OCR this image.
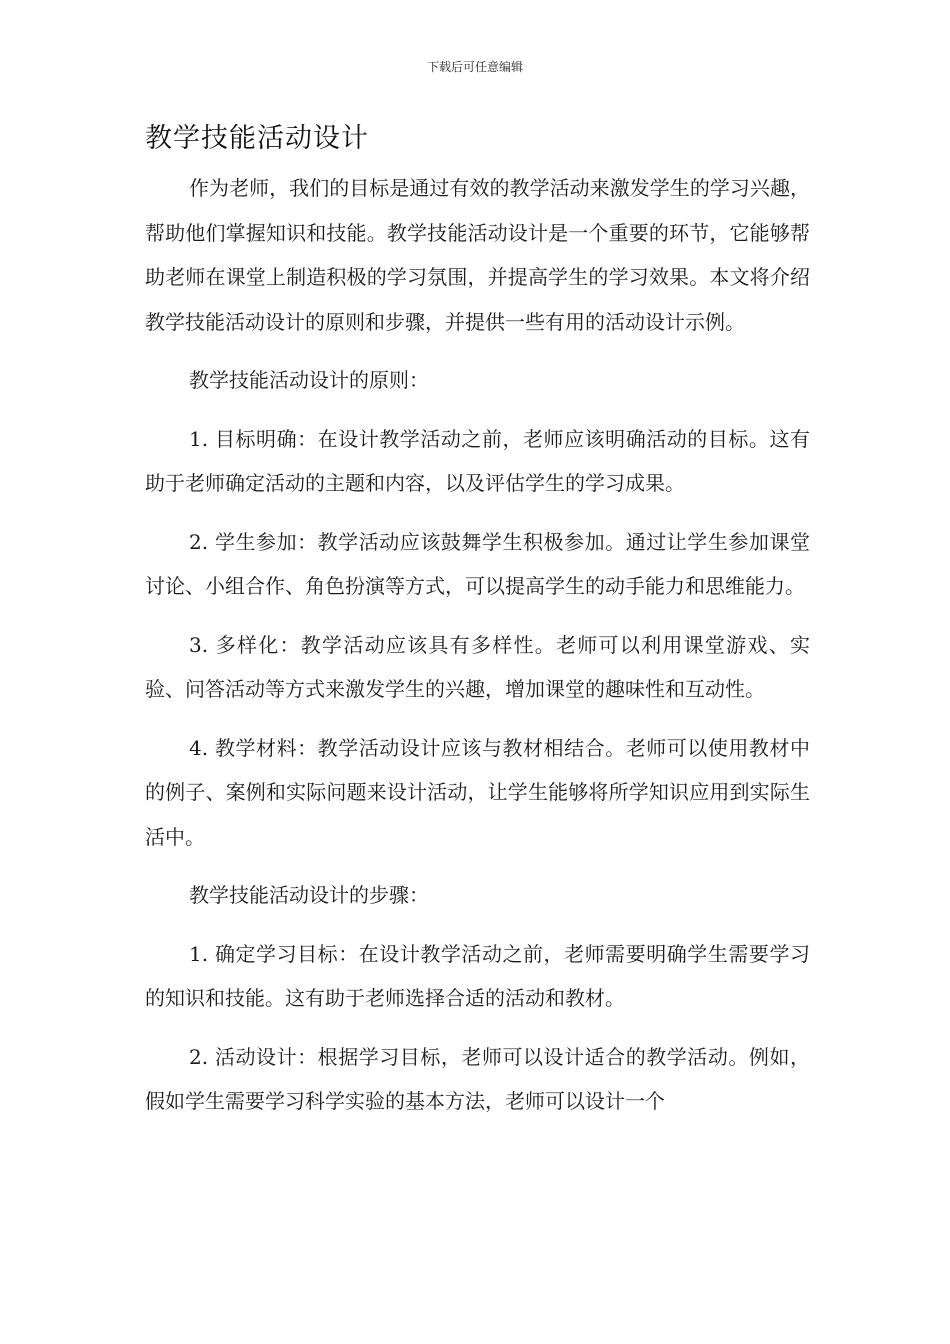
下载后可任意编辑
教学技能活动设计

作为老师，我们的目标是通过有效的教学活动来激发学生的学习兴趣，帮助他们掌握知识和技能。教学技能活动设计是一个重要的环节，它能够帮助老师在课堂上制造积极的学习氛围，并提高学生的学习效果。本文将介绍教学技能活动设计的原则和步骤，并提供一些有用的活动设计示例。

教学技能活动设计的原则：

1. 目标明确：在设计教学活动之前，老师应该明确活动的目标。这有助于老师确定活动的主题和内容，以及评估学生的学习成果。

2. 学生参加：教学活动应该鼓舞学生积极参加。通过让学生参加课堂讨论、小组合作、角色扮演等方式，可以提高学生的动手能力和思维能力。

3. 多样化：教学活动应该具有多样性。老师可以利用课堂游戏、实验、问答活动等方式来激发学生的兴趣，增加课堂的趣味性和互动性。

4. 教学材料：教学活动设计应该与教材相结合。老师可以使用教材中的例子、案例和实际问题来设计活动，让学生能够将所学知识应用到实际生活中。

教学技能活动设计的步骤：

1. 确定学习目标：在设计教学活动之前，老师需要明确学生需要学习的知识和技能。这有助于老师选择合适的活动和教材。

2. 活动设计：根据学习目标，老师可以设计适合的教学活动。例如，假如学生需要学习科学实验的基本方法，老师可以设计一个
